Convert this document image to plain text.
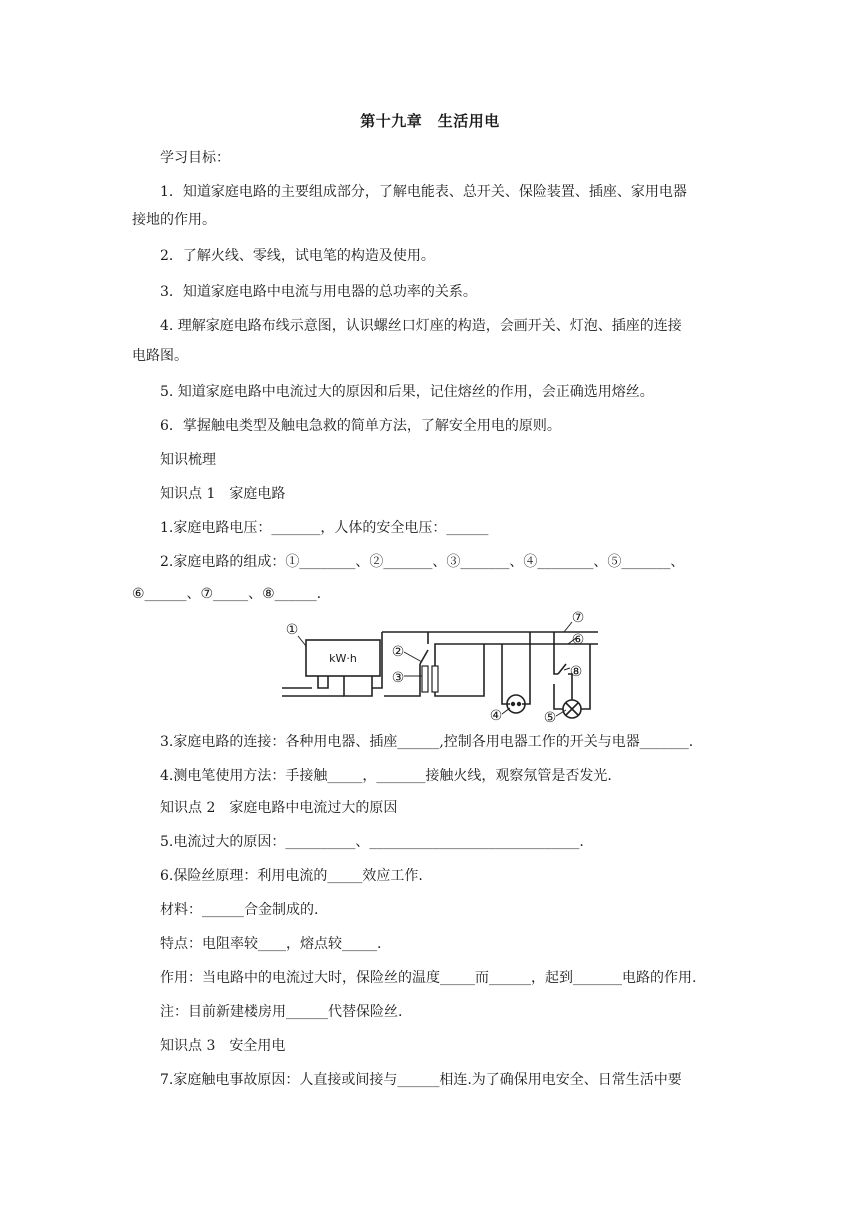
第十九章　生活用电
学习目标：
1．知道家庭电路的主要组成部分，了解电能表、总开关、保险装置、插座、家用电器
接地的作用。
2．了解火线、零线，试电笔的构造及使用。
3．知道家庭电路中电流与用电器的总功率的关系。
4. 理解家庭电路布线示意图，认识螺丝口灯座的构造，会画开关、灯泡、插座的连接
电路图。
5. 知道家庭电路中电流过大的原因和后果，记住熔丝的作用，会正确选用熔丝。
6．掌握触电类型及触电急救的简单方法，了解安全用电的原则。
知识梳理
知识点 1　家庭电路
1.家庭电路电压：_______，人体的安全电压：______
2.家庭电路的组成：①________、②_______、③_______、④________、⑤_______、
⑥______、⑦_____、⑧______.
kW·h
①
②
③
④	⑤
⑥
⑦
⑧
3.家庭电路的连接：各种用电器、插座______,控制各用电器工作的开关与电器_______.
4.测电笔使用方法：手接触_____，_______接触火线，观察氖管是否发光.
知识点 2　家庭电路中电流过大的原因
5.电流过大的原因：__________、______________________________.
6.保险丝原理：利用电流的_____效应工作.
材料：______合金制成的.
特点：电阻率较____，熔点较_____.
作用：当电路中的电流过大时，保险丝的温度_____而______，起到_______电路的作用.
注：目前新建楼房用______代替保险丝.
知识点 3　安全用电
7.家庭触电事故原因：人直接或间接与______相连.为了确保用电安全、日常生活中要
